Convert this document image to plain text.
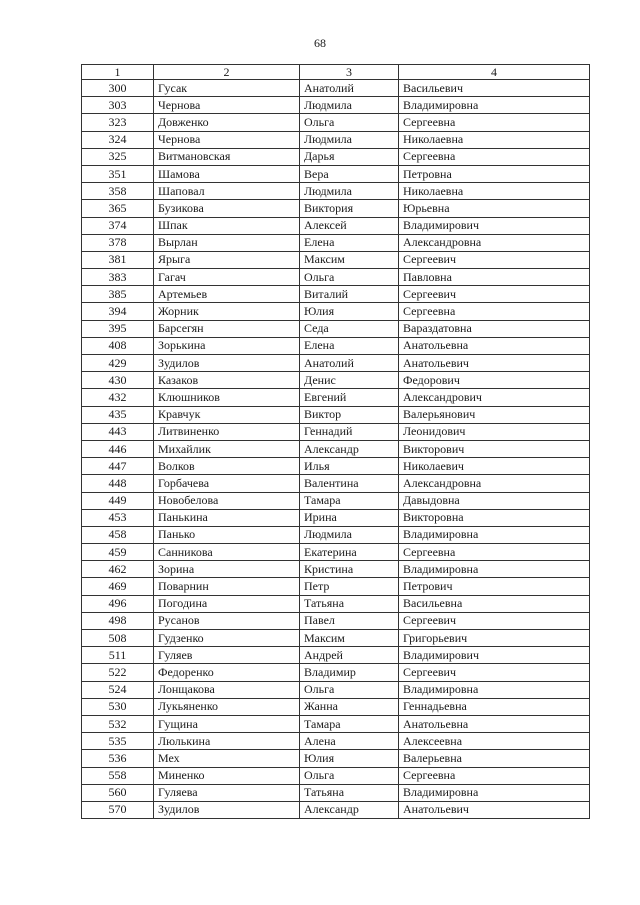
68
1	2	3	4
300	Гусак	Анатолий	Васильевич
303	Чернова	Людмила	Владимировна
323	Довженко	Ольга	Сергеевна
324	Чернова	Людмила	Николаевна
325	Витмановская	Дарья	Сергеевна
351	Шамова	Вера	Петровна
358	Шаповал	Людмила	Николаевна
365	Бузикова	Виктория	Юрьевна
374	Шпак	Алексей	Владимирович
378	Вырлан	Елена	Александровна
381	Ярыга	Максим	Сергеевич
383	Гагач	Ольга	Павловна
385	Артемьев	Виталий	Сергеевич
394	Жорник	Юлия	Сергеевна
395	Барсегян	Седа	Вараздатовна
408	Зорькина	Елена	Анатольевна
429	Зудилов	Анатолий	Анатольевич
430	Казаков	Денис	Федорович
432	Клюшников	Евгений	Александрович
435	Кравчук	Виктор	Валерьянович
443	Литвиненко	Геннадий	Леонидович
446	Михайлик	Александр	Викторович
447	Волков	Илья	Николаевич
448	Горбачева	Валентина	Александровна
449	Новобелова	Тамара	Давыдовна
453	Панькина	Ирина	Викторовна
458	Панько	Людмила	Владимировна
459	Санникова	Екатерина	Сергеевна
462	Зорина	Кристина	Владимировна
469	Поварнин	Петр	Петрович
496	Погодина	Татьяна	Васильевна
498	Русанов	Павел	Сергеевич
508	Гудзенко	Максим	Григорьевич
511	Гуляев	Андрей	Владимирович
522	Федоренко	Владимир	Сергеевич
524	Лонщакова	Ольга	Владимировна
530	Лукьяненко	Жанна	Геннадьевна
532	Гущина	Тамара	Анатольевна
535	Люлькина	Алена	Алексеевна
536	Мех	Юлия	Валерьевна
558	Миненко	Ольга	Сергеевна
560	Гуляева	Татьяна	Владимировна
570	Зудилов	Александр	Анатольевич
